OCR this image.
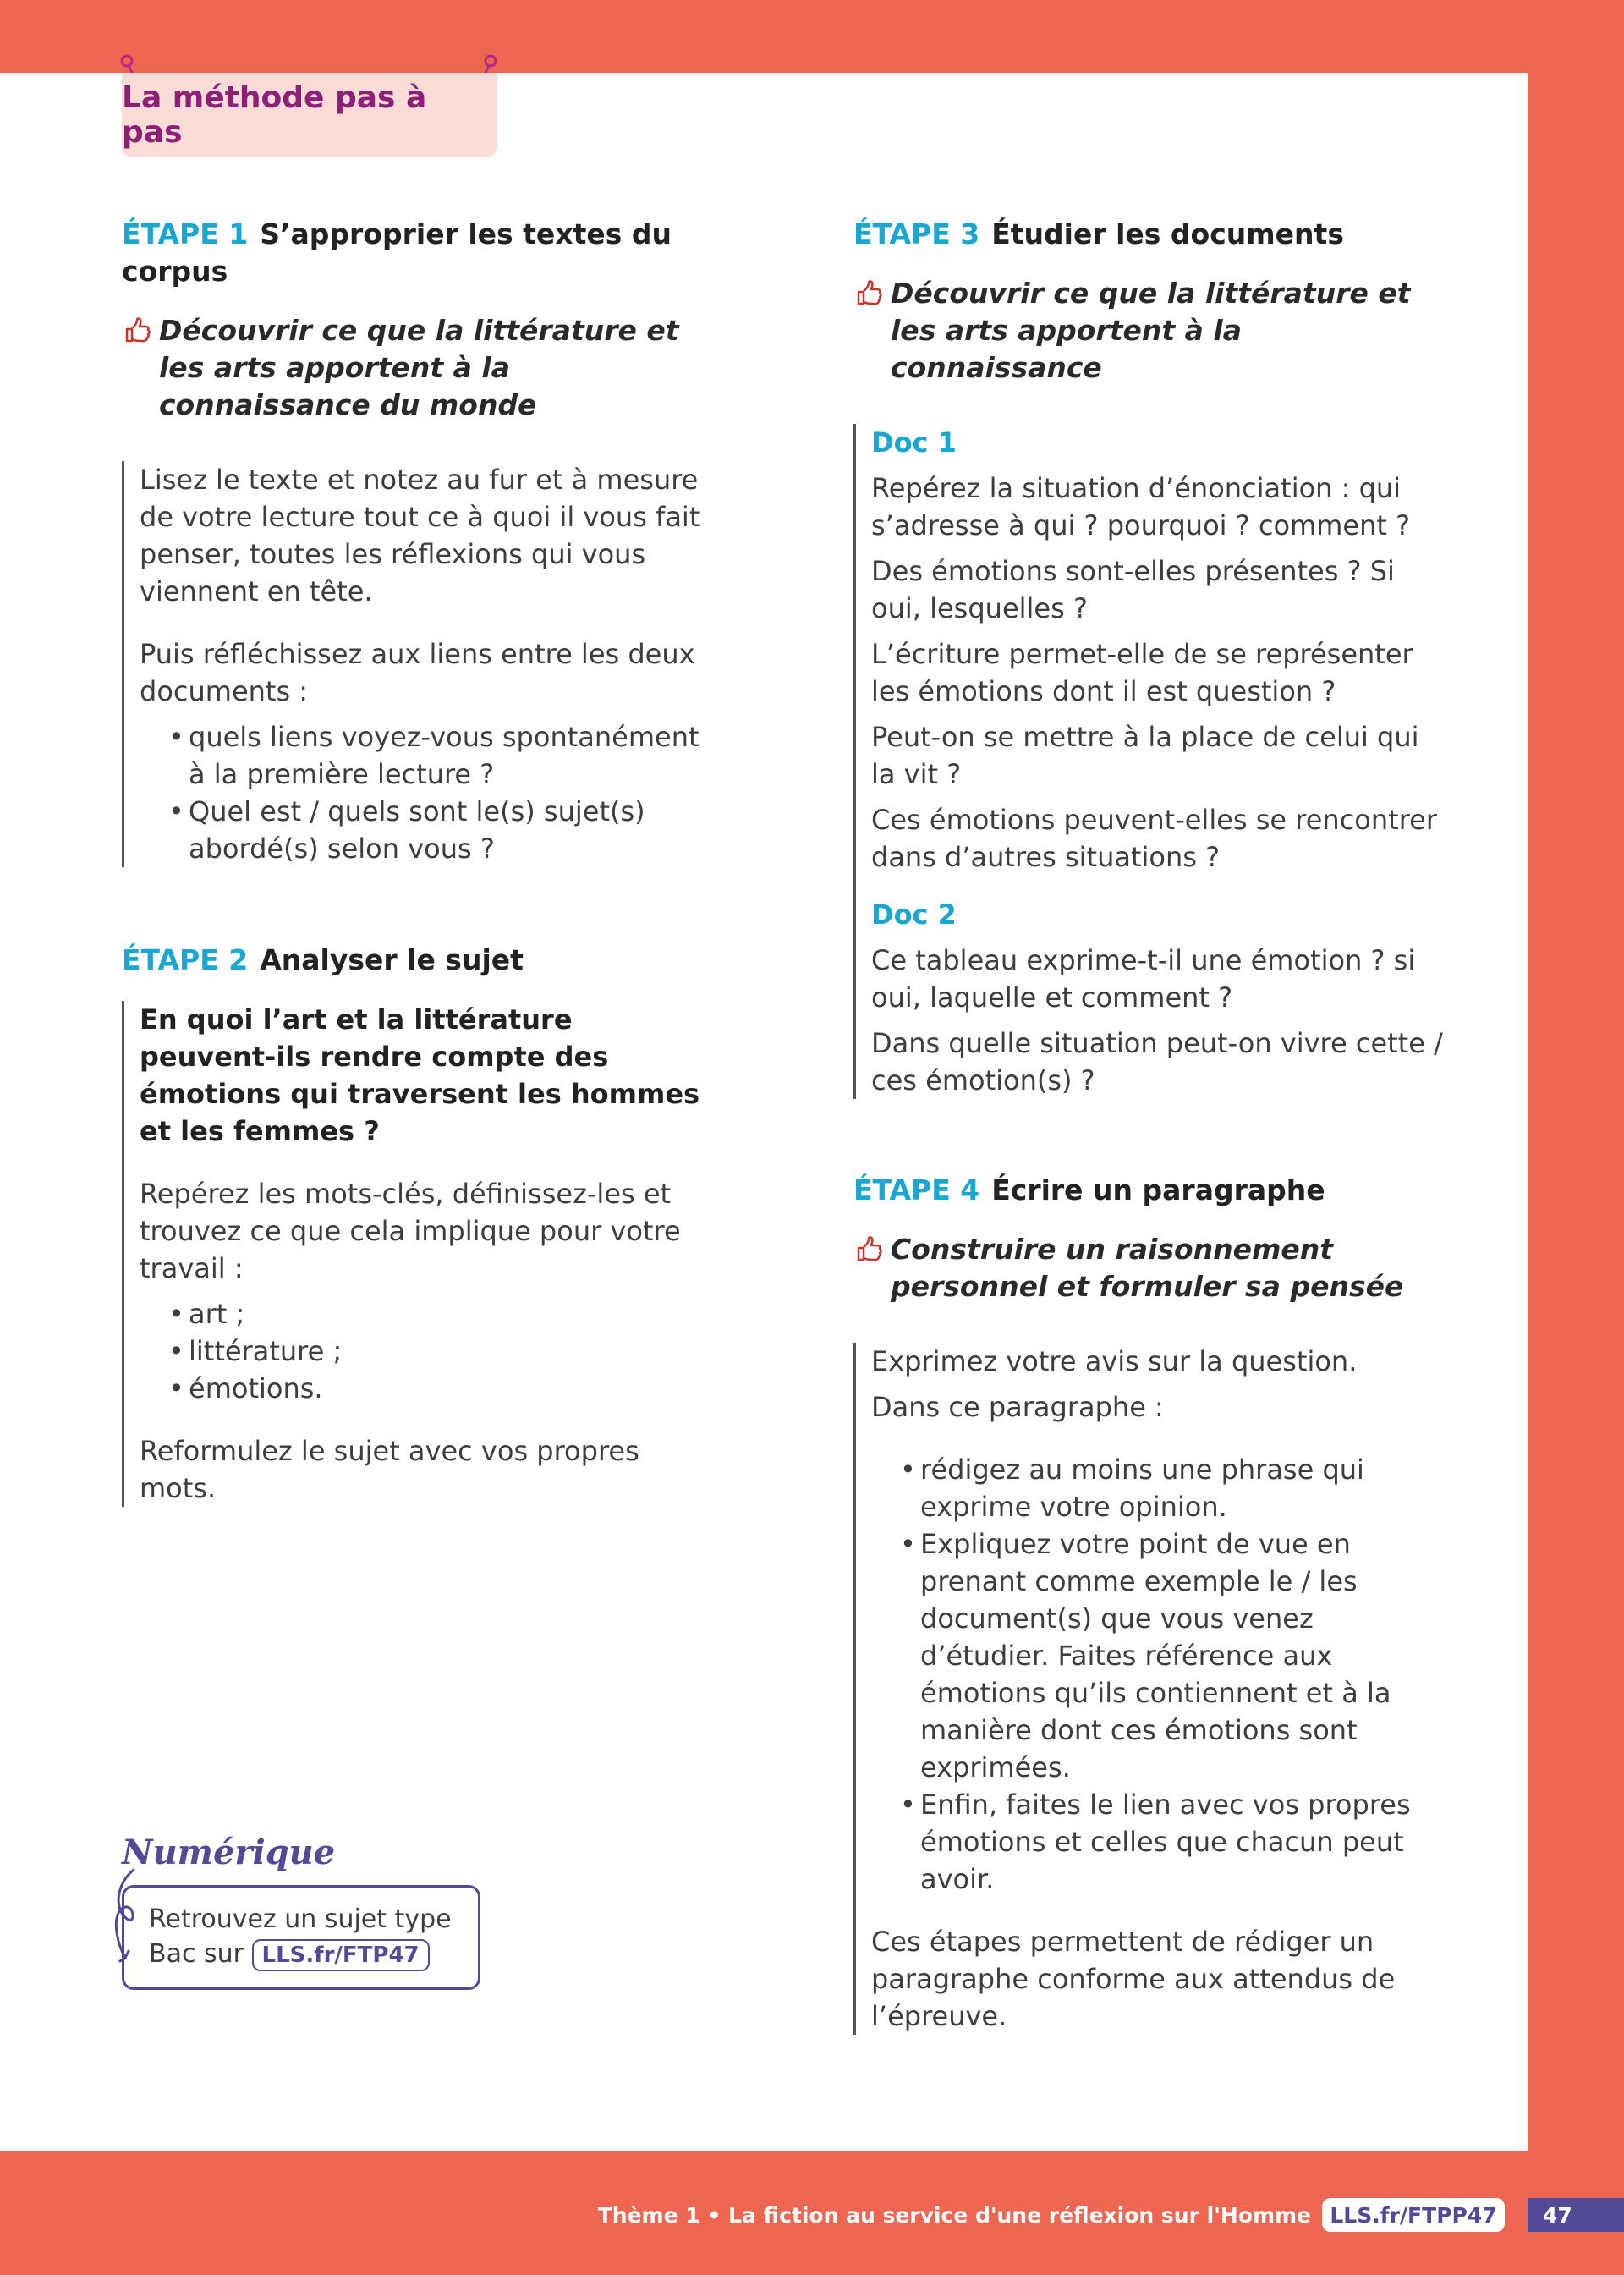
La méthode pas à pas
ÉTAPE 1 S’approprier les textes du corpus
Découvrir ce que la littérature et les arts apportent à la connaissance du monde

Lisez le texte et notez au fur et à mesure de votre lecture tout ce à quoi il vous fait penser, toutes les réflexions qui vous viennent en tête.

Puis réfléchissez aux liens entre les deux documents :

• quels liens voyez-vous spontanément à la première lecture ?
• Quel est / quels sont le(s) sujet(s) abordé(s) selon vous ?
ÉTAPE 2 Analyser le sujet

En quoi l’art et la littérature peuvent-ils rendre compte des émotions qui traversent les hommes et les femmes ?

Repérez les mots-clés, définissez-les et trouvez ce que cela implique pour votre travail :

• art ;
• littérature ;
• émotions.

Reformulez le sujet avec vos propres mots.

ÉTAPE 3 Étudier les documents
Découvrir ce que la littérature et les arts apportent à la connaissance

Doc 1

Repérez la situation d’énonciation : qui s’adresse à qui ? pourquoi ? comment ?

Des émotions sont-elles présentes ? Si oui, lesquelles ?

L’écriture permet-elle de se représenter les émotions dont il est question ?

Peut-on se mettre à la place de celui qui la vit ?

Ces émotions peuvent-elles se rencontrer dans d’autres situations ?

Doc 2

Ce tableau exprime-t-il une émotion ? si oui, laquelle et comment ?

Dans quelle situation peut-on vivre cette / ces émotion(s) ?

ÉTAPE 4 Écrire un paragraphe
Construire un raisonnement personnel et formuler sa pensée

Exprimez votre avis sur la question.

Dans ce paragraphe :

• rédigez au moins une phrase qui exprime votre opinion.
• Expliquez votre point de vue en prenant comme exemple le / les document(s) que vous venez d’étudier. Faites référence aux émotions qu’ils contiennent et à la manière dont ces émotions sont exprimées.
• Enfin, faites le lien avec vos propres émotions et celles que chacun peut avoir.

Ces étapes permettent de rédiger un paragraphe conforme aux attendus de l’épreuve.

Numérique
Retrouvez un sujet type
Bac sur LLS.fr/FTP47
Thème 1 • La fiction au service d'une réflexion sur l'Homme LLS.fr/FTPP47	47
